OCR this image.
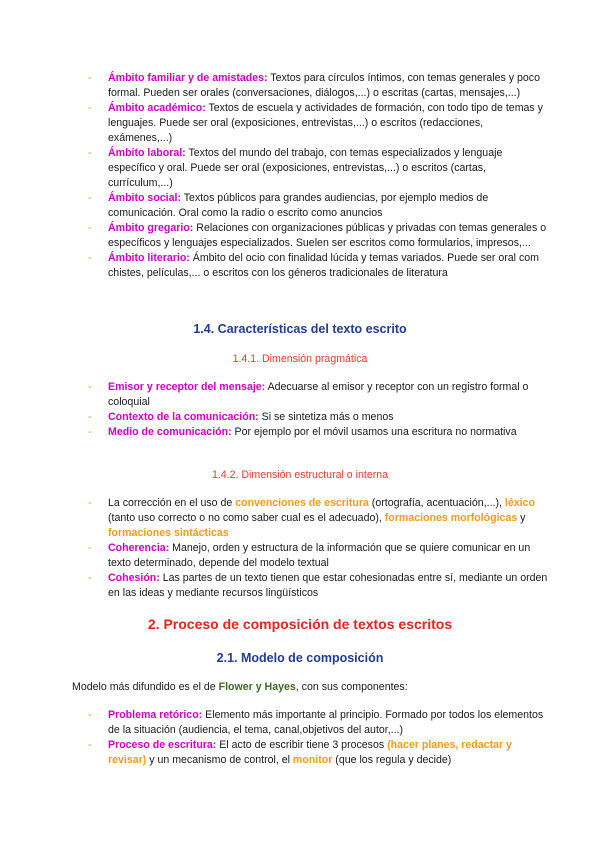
- Ámbito familiar y de amistades: Textos para círculos íntimos, con temas generales y poco formal. Pueden ser orales (conversaciones, diálogos,...) o escritas (cartas, mensajes,...)
- Ámbito académico: Textos de escuela y actividades de formación, con todo tipo de temas y lenguajes. Puede ser oral (exposiciones, entrevistas,...) o escritos (redacciones, exámenes,...)
- Ámbito laboral: Textos del mundo del trabajo, con temas especializados y lenguaje específico y oral. Puede ser oral (exposiciones, entrevistas,...) o escritos (cartas, currículum,...)
- Ámbito social: Textos públicos para grandes audiencias, por ejemplo medios de comunicación. Oral como la radio o escrito como anuncios
- Ámbito gregario: Relaciones con organizaciones públicas y privadas con temas generales o específicos y lenguajes especializados. Suelen ser escritos como formularios, impresos,...
- Ámbito literario: Ámbito del ocio con finalidad lúcida y temas variados. Puede ser oral com chistes, películas,... o escritos con los géneros tradicionales de literatura
1.4. Características del texto escrito
1.4.1. Dimensión pragmática
- Emisor y receptor del mensaje: Adecuarse al emisor y receptor con un registro formal o coloquial
- Contexto de la comunicación: Si se sintetiza más o menos
- Medio de comunicación: Por ejemplo por el móvil usamos una escritura no normativa
1.4.2. Dimensión estructural o interna
- La corrección en el uso de convenciones de escritura (ortografía, acentuación,...), léxico (tanto uso correcto o no como saber cual es el adecuado), formaciones morfológicas y formaciones sintácticas
- Coherencia: Manejo, orden y estructura de la información que se quiere comunicar en un texto determinado, depende del modelo textual
- Cohesión: Las partes de un texto tienen que estar cohesionadas entre sí, mediante un orden en las ideas y mediante recursos lingüísticos
2. Proceso de composición de textos escritos
2.1. Modelo de composición
Modelo más difundido es el de Flower y Hayes, con sus componentes:
- Problema retórico: Elemento más importante al principio. Formado por todos los elementos de la situación (audiencia, el tema, canal,objetivos del autor,...)
- Proceso de escritura: El acto de escribir tiene 3 procesos (hacer planes, redactar y revisar) y un mecanismo de control, el monitor (que los regula y decide)
